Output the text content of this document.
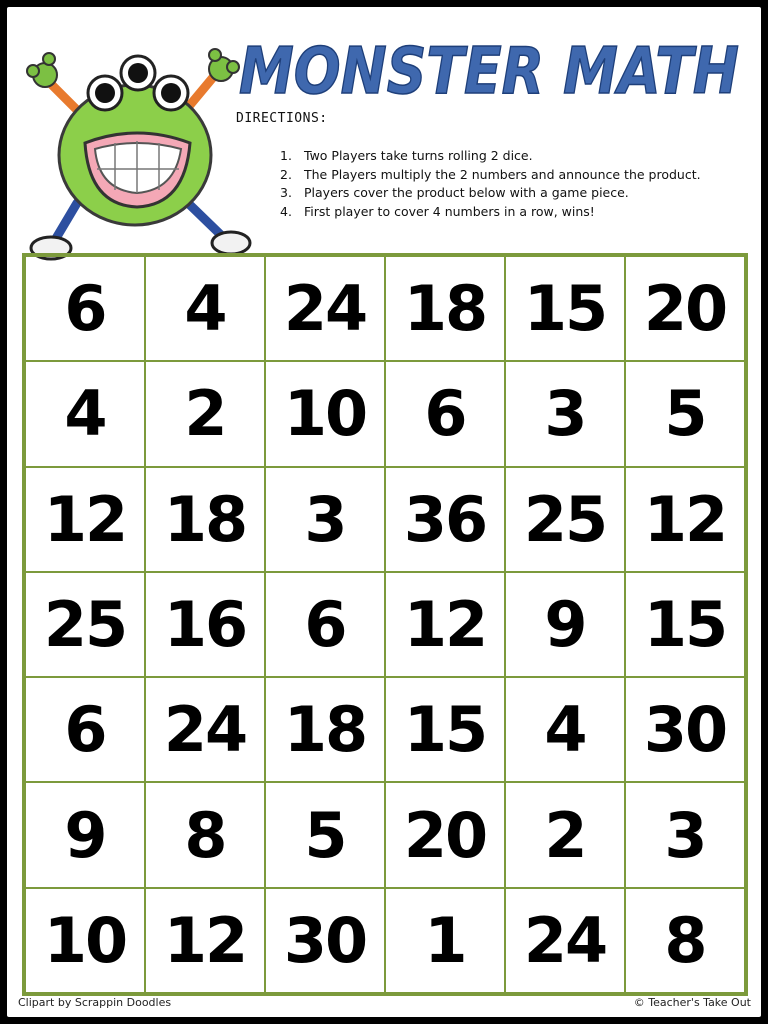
MONSTER MATH
DIRECTIONS:
1. Two Players take turns rolling 2 dice.
2. The Players multiply the 2 numbers and announce the product.
3. Players cover the product below with a game piece.
4. First player to cover 4 numbers in a row, wins!
6	4 24 18 15 20
4	2 10 6	3	5
12 18 3 36 25 12
25 16 6 12 9 15
6 24 18 15 4 30
9	8	5 20 2	3
10 12 30 1 24 8
Clipart by Scrappin Doodles	© Teacher's Take Out
